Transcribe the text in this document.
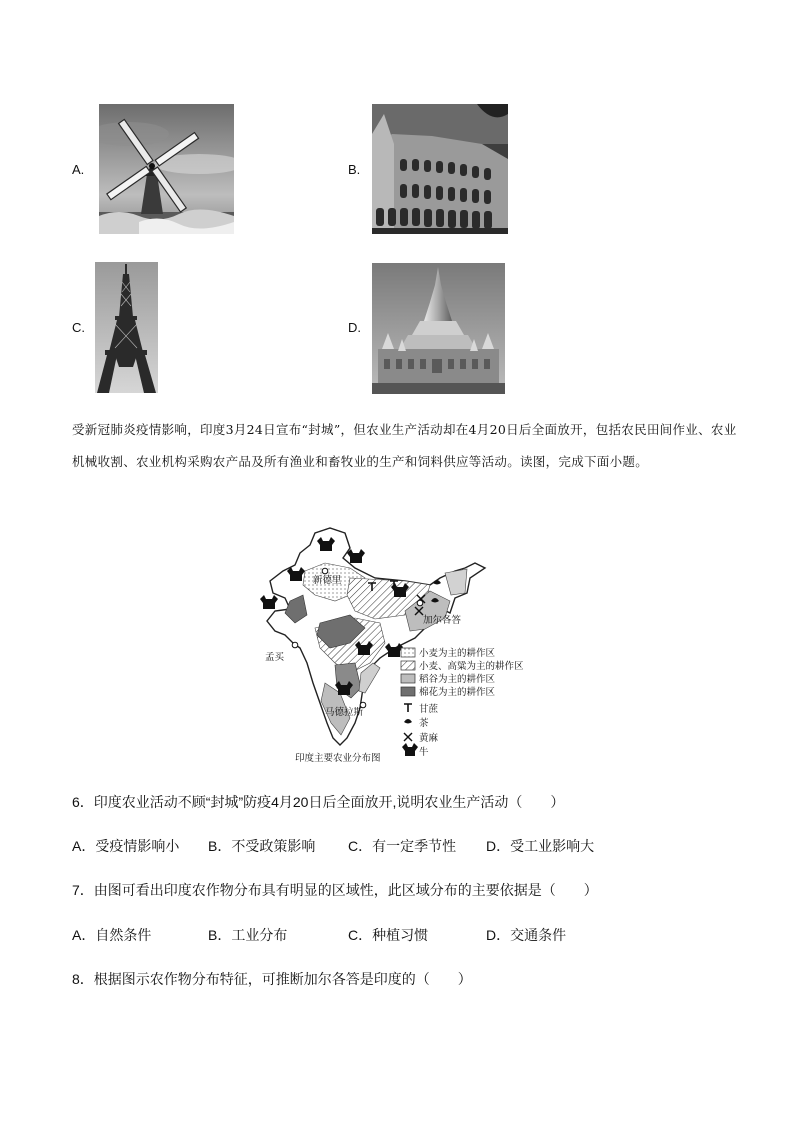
A.	B.
C.	D.
受新冠肺炎疫情影响，印度3月24日宣布“封城”，但农业生产活动却在4月20日后全面放开，包括农民田间作业、农业机械收割、农业机构采购农产品及所有渔业和畜牧业的生产和饲料供应等活动。读图，完成下面小题。
新德里
加尔各答
孟买
马德拉斯
小麦为主的耕作区
小麦、高粱为主的耕作区
稻谷为主的耕作区
棉花为主的耕作区
甘蔗
茶
黄麻
牛
印度主要农业分布图
6．印度农业活动不顾“封城”防疫4月20日后全面放开,说明农业生产活动（　　）
A．受疫情影响小 B．不受政策影响 C．有一定季节性 D．受工业影响大
7．由图可看出印度农作物分布具有明显的区域性，此区域分布的主要依据是（　　）
A．自然条件	B．工业分布	C．种植习惯	D．交通条件
8．根据图示农作物分布特征，可推断加尔各答是印度的（　　）
